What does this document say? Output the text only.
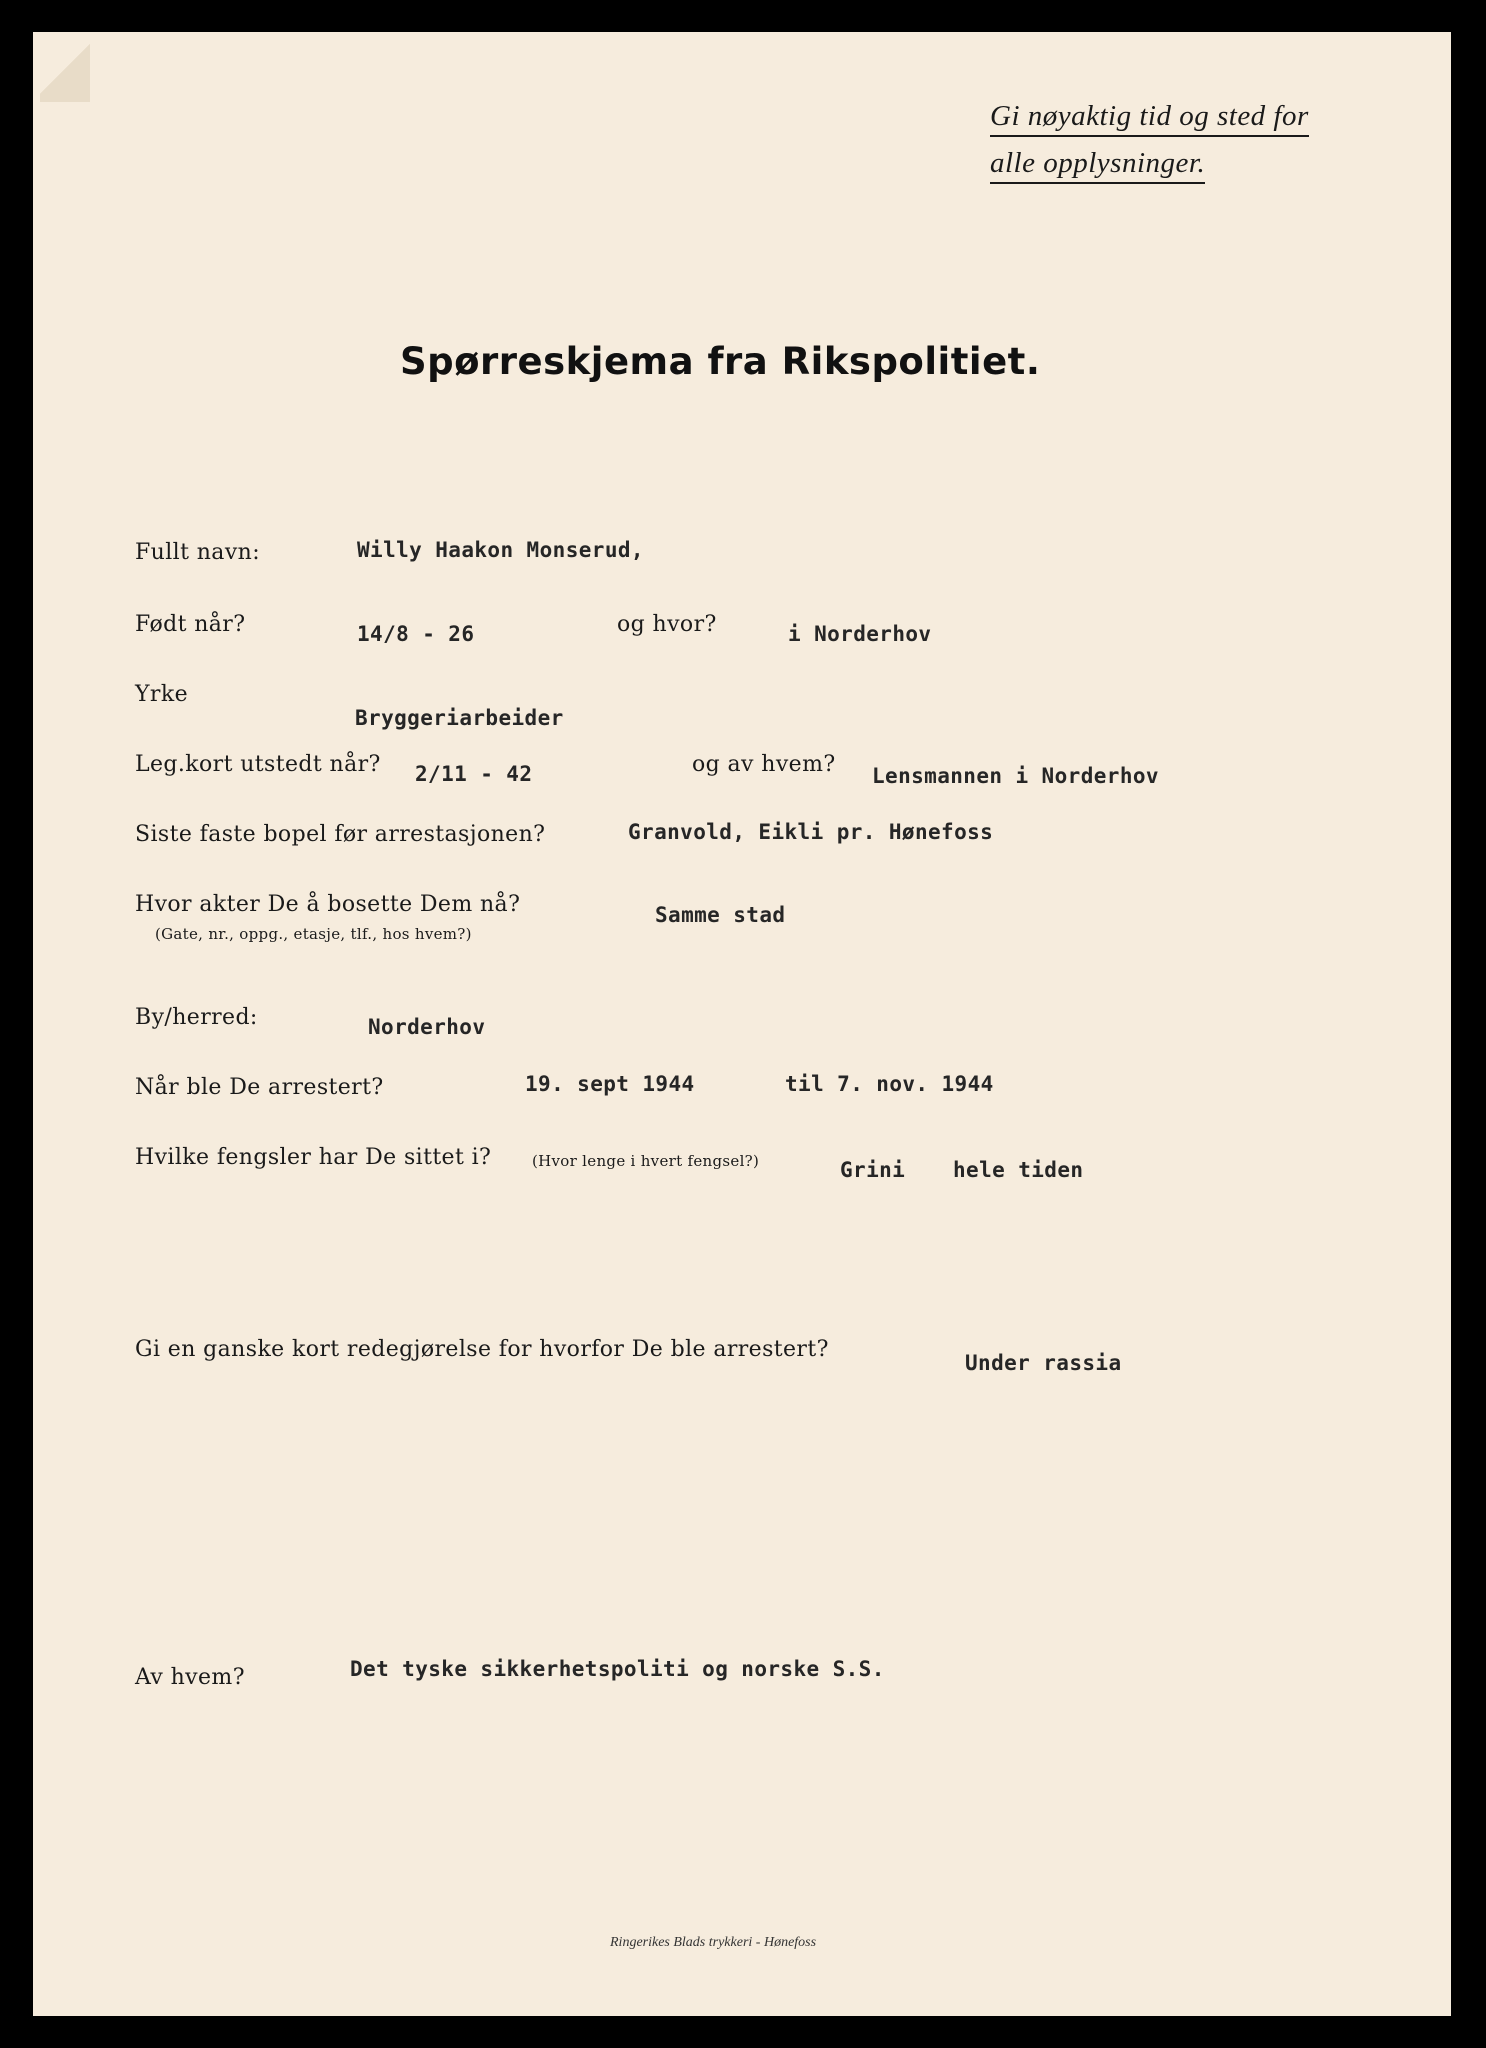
Gi nøyaktig tid og sted for
alle opplysninger.
Spørreskjema fra Rikspolitiet.
Fullt navn:	Willy Haakon Monserud,
Født når?	14/8 - 26	og hvor?	i Norderhov
Yrke
Bryggeriarbeider
Leg.kort utstedt når? 2/11 - 42	og av hvem? Lensmannen i Norderhov
Siste faste bopel før arrestasjonen?	Granvold, Eikli pr. Hønefoss
Hvor akter De å bosette Dem nå?
(Gate, nr., oppg., etasje, tlf., hos hvem?)
Samme stad
By/herred:	Norderhov
Når ble De arrestert?	19. sept 1944	til 7. nov. 1944
Hvilke fengsler har De sittet i?	(Hvor lenge i hvert fengsel?)	Grini hele tiden
Gi en ganske kort redegjørelse for hvorfor De ble arrestert?
Under rassia
Av hvem?	Det tyske sikkerhetspoliti og norske S.S.
Ringerikes Blads trykkeri - Hønefoss
